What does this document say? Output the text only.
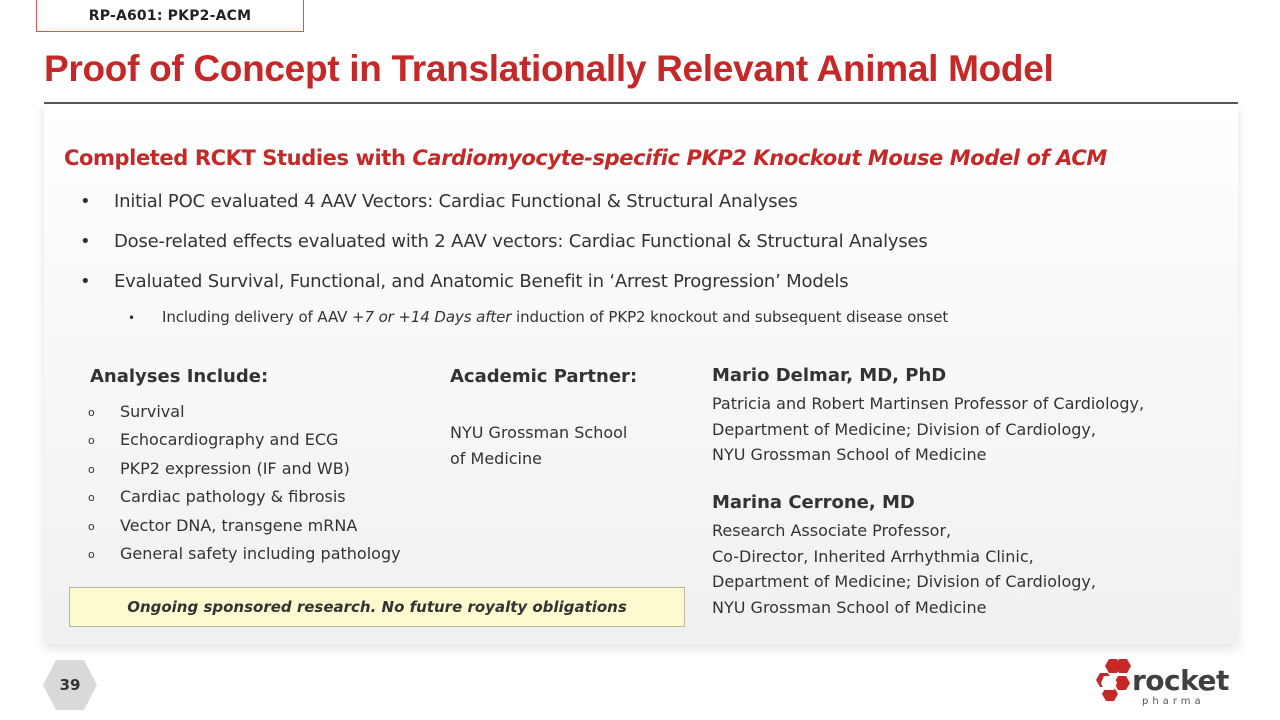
RP-A601: PKP2-ACM
Proof of Concept in Translationally Relevant Animal Model
Completed RCKT Studies with Cardiomyocyte-specific PKP2 Knockout Mouse Model of ACM
• Initial POC evaluated 4 AAV Vectors: Cardiac Functional & Structural Analyses
• Dose-related effects evaluated with 2 AAV vectors: Cardiac Functional & Structural Analyses
• Evaluated Survival, Functional, and Anatomic Benefit in ‘Arrest Progression’ Models
• Including delivery of AAV +7 or +14 Days after induction of PKP2 knockout and subsequent disease onset
Analyses Include:
o Survival
o Echocardiography and ECG
o PKP2 expression (IF and WB)
o Cardiac pathology & fibrosis
o Vector DNA, transgene mRNA
o General safety including pathology
Academic Partner:
NYU Grossman School
of Medicine
Mario Delmar, MD, PhD
Patricia and Robert Martinsen Professor of Cardiology,
Department of Medicine; Division of Cardiology,
NYU Grossman School of Medicine
Marina Cerrone, MD
Research Associate Professor,
Co-Director, Inherited Arrhythmia Clinic,
Department of Medicine; Division of Cardiology,
NYU Grossman School of Medicine
Ongoing sponsored research. No future royalty obligations
39	rocket
pharma
